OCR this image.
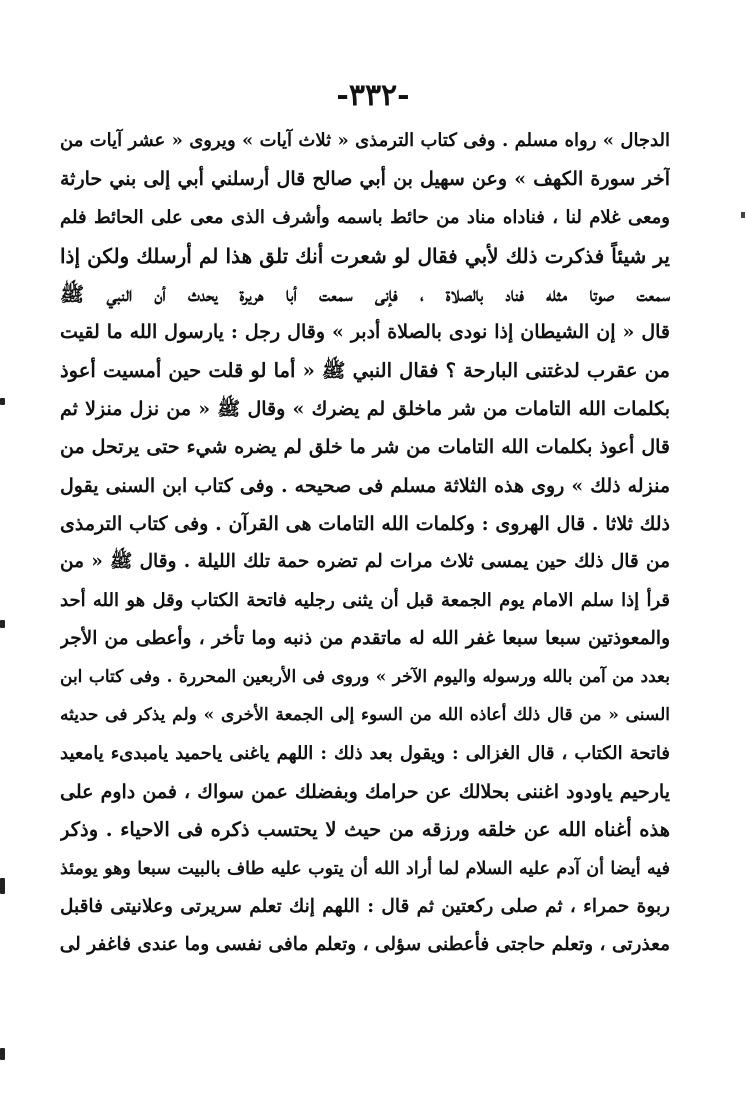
-٣٣٢-
الدجال » رواه مسلم . وفى كتاب الترمذى « ثلاث آيات » ويروى « عشر آيات من
آخر سورة الكهف » وعن سهيل بن أبي صالح قال أرسلني أبي إلى بني حارثة
ومعى غلام لنا ، فناداه مناد من حائط باسمه وأشرف الذى معى على الحائط فلم
ير شيئاً فذكرت ذلك لأبي فقال لو شعرت أنك تلق هذا لم أرسلك ولكن إذا
سمعت صوتا مثله فناد بالصلاة ، فإنى سمعت أبا هريرة يحدث أن النبي ﷺ
قال « إن الشيطان إذا نودى بالصلاة أدبر » وقال رجل : يارسول الله ما لقيت
من عقرب لدغتنى البارحة ؟ فقال النبي ﷺ « أما لو قلت حين أمسيت أعوذ
بكلمات الله التامات من شر ماخلق لم يضرك » وقال ﷺ « من نزل منزلا ثم
قال أعوذ بكلمات الله التامات من شر ما خلق لم يضره شيء حتى يرتحل من
منزله ذلك » روى هذه الثلاثة مسلم فى صحيحه . وفى كتاب ابن السنى يقول
ذلك ثلاثا . قال الهروى : وكلمات الله التامات هى القرآن . وفى كتاب الترمذى
من قال ذلك حين يمسى ثلاث مرات لم تضره حمة تلك الليلة . وقال ﷺ « من
قرأ إذا سلم الامام يوم الجمعة قبل أن يثنى رجليه فاتحة الكتاب وقل هو الله أحد
والمعوذتين سبعا سبعا غفر الله له ماتقدم من ذنبه وما تأخر ، وأعطى من الأجر
بعدد من آمن بالله ورسوله واليوم الآخر » وروى فى الأربعين المحررة . وفى كتاب ابن
السنى « من قال ذلك أعاذه الله من السوء إلى الجمعة الأخرى » ولم يذكر فى حديثه
فاتحة الكتاب ، قال الغزالى : ويقول بعد ذلك : اللهم ياغنى ياحميد يامبدىء يامعيد
يارحيم ياودود اغننى بحلالك عن حرامك وبفضلك عمن سواك ، فمن داوم على
هذه أغناه الله عن خلقه ورزقه من حيث لا يحتسب ذكره فى الاحياء . وذكر
فيه أيضا أن آدم عليه السلام لما أراد الله أن يتوب عليه طاف بالبيت سبعا وهو يومئذ
ربوة حمراء ، ثم صلى ركعتين ثم قال : اللهم إنك تعلم سريرتى وعلانيتى فاقبل
معذرتى ، وتعلم حاجتى فأعطنى سؤلى ، وتعلم مافى نفسى وما عندى فاغفر لى
